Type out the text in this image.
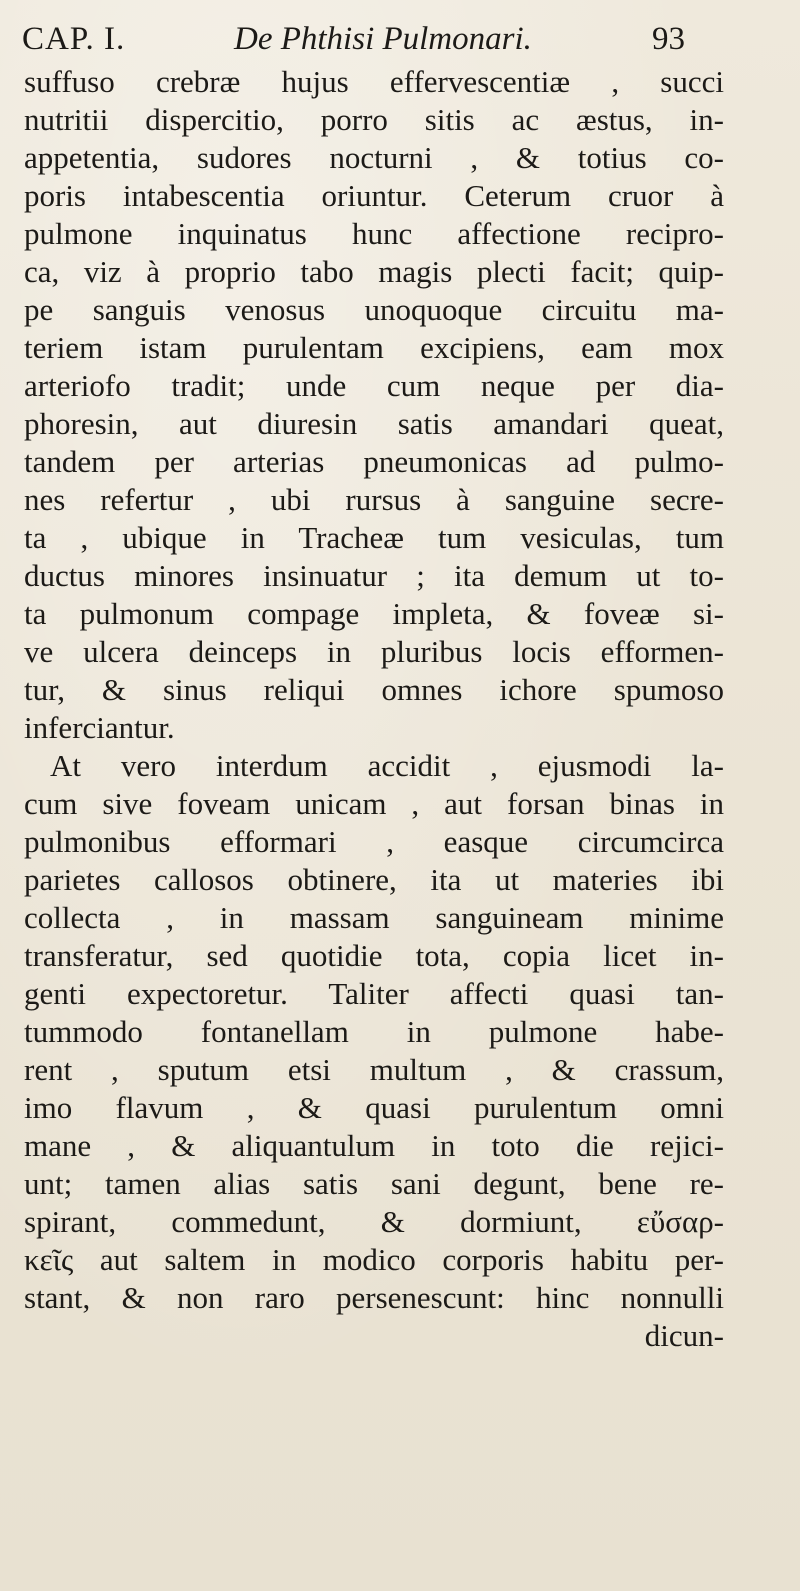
CAP. I.	De Phthisi Pulmonari.	93
suffuso crebræ hujus effervescentiæ , succi
nutritii dispercitio, porro sitis ac æstus, in-
appetentia, sudores nocturni , & totius co-
poris intabescentia oriuntur. Ceterum cruor à
pulmone inquinatus hunc affectione recipro-
ca, viz à proprio tabo magis plecti facit; quip-
pe sanguis venosus unoquoque circuitu ma-
teriem istam purulentam excipiens, eam mox
arteriofo tradit; unde cum neque per dia-
phoresin, aut diuresin satis amandari queat,
tandem per arterias pneumonicas ad pulmo-
nes refertur , ubi rursus à sanguine secre-
ta , ubique in Tracheæ tum vesiculas, tum
ductus minores insinuatur ; ita demum ut to-
ta pulmonum compage impleta, & foveæ si-
ve ulcera deinceps in pluribus locis efformen-
tur, & sinus reliqui omnes ichore spumoso
inferciantur.
At vero interdum accidit , ejusmodi la-
cum sive foveam unicam , aut forsan binas in
pulmonibus efformari , easque circumcirca
parietes callosos obtinere, ita ut materies ibi
collecta , in massam sanguineam minime
transferatur, sed quotidie tota, copia licet in-
genti expectoretur. Taliter affecti quasi tan-
tummodo fontanellam in pulmone habe-
rent , sputum etsi multum , & crassum,
imo flavum , & quasi purulentum omni
mane , & aliquantulum in toto die rejici-
unt; tamen alias satis sani degunt, bene re-
spirant, commedunt, & dormiunt, εὔσαρ-
κεῖς aut saltem in modico corporis habitu per-
stant, & non raro persenescunt: hinc nonnulli
dicun-
